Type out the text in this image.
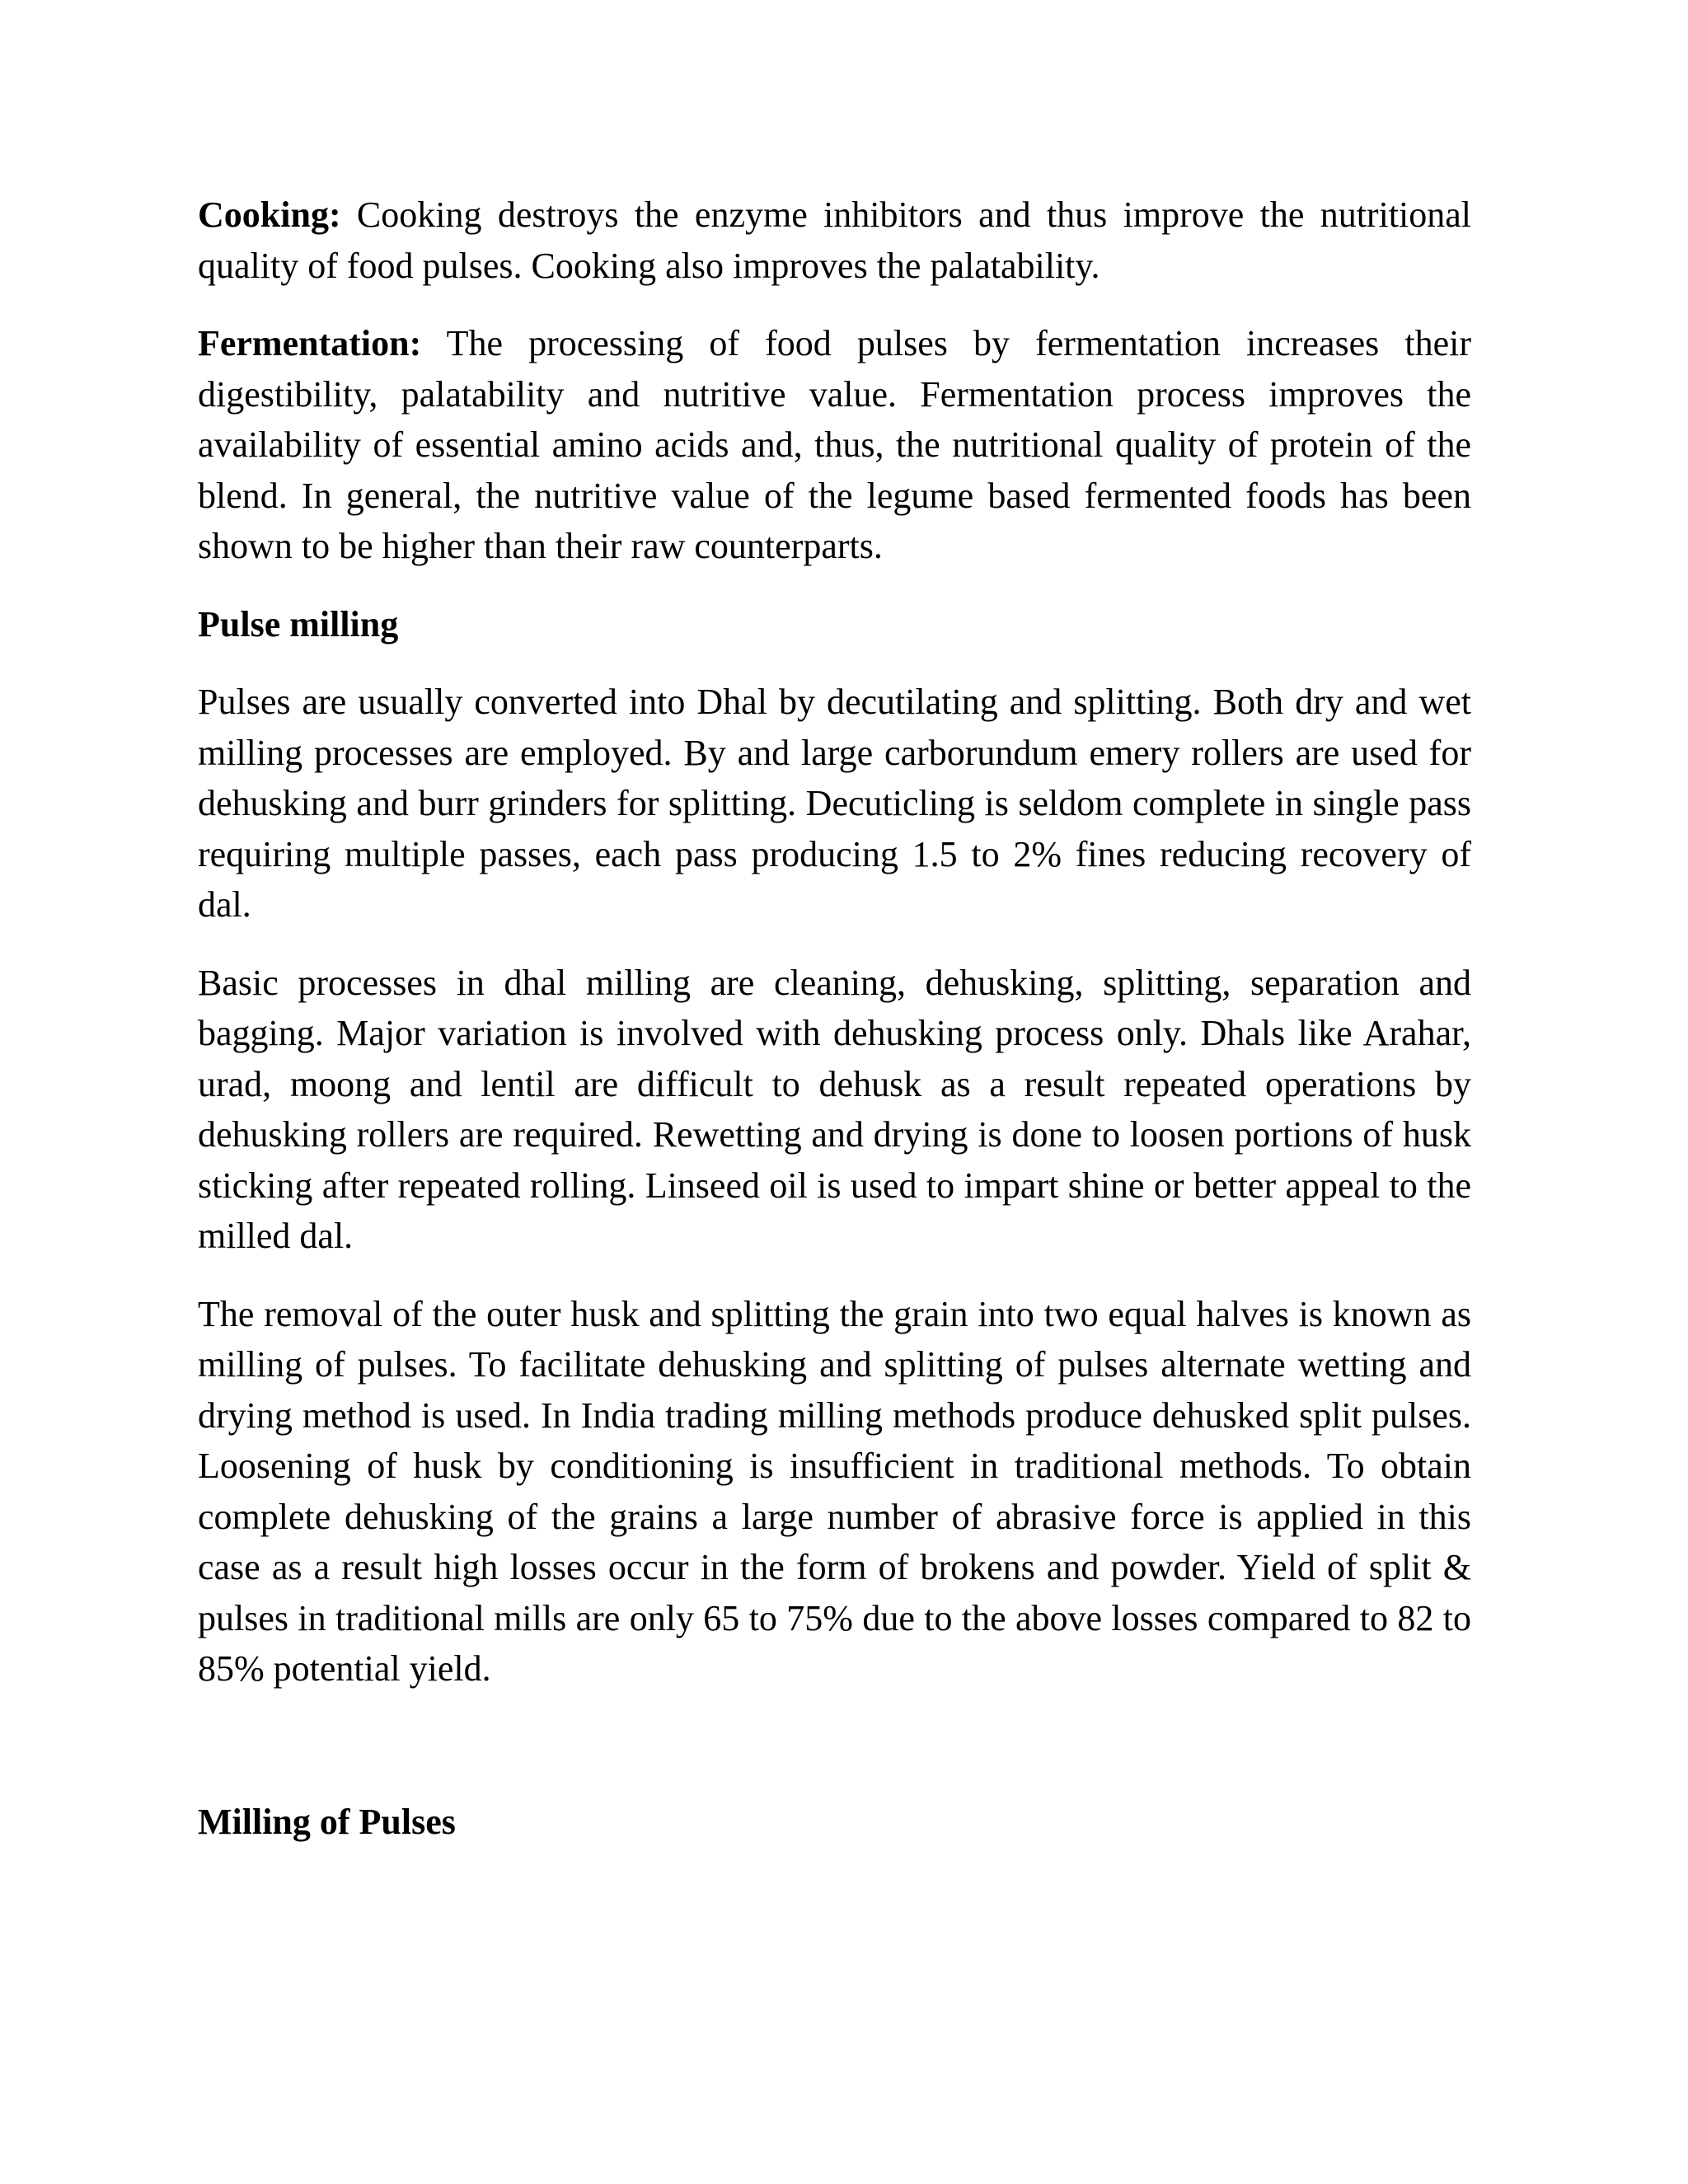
Cooking: Cooking destroys the enzyme inhibitors and thus improve the nutritional quality of food pulses. Cooking also improves the palatability.

Fermentation: The processing of food pulses by fermentation increases their digestibility, palatability and nutritive value. Fermentation process improves the availability of essential amino acids and, thus, the nutritional quality of protein of the blend. In general, the nutritive value of the legume based fermented foods has been shown to be higher than their raw counterparts.

Pulse milling

Pulses are usually converted into Dhal by decutilating and splitting. Both dry and wet milling processes are employed. By and large carborundum emery rollers are used for dehusking and burr grinders for splitting. Decuticling is seldom complete in single pass requiring multiple passes, each pass producing 1.5 to 2% fines reducing recovery of dal.

Basic processes in dhal milling are cleaning, dehusking, splitting, separation and bagging. Major variation is involved with dehusking process only. Dhals like Arahar, urad, moong and lentil are difficult to dehusk as a result repeated operations by dehusking rollers are required. Rewetting and drying is done to loosen portions of husk sticking after repeated rolling. Linseed oil is used to impart shine or better appeal to the milled dal.

The removal of the outer husk and splitting the grain into two equal halves is known as milling of pulses. To facilitate dehusking and splitting of pulses alternate wetting and drying method is used. In India trading milling methods produce dehusked split pulses. Loosening of husk by conditioning is insufficient in traditional methods. To obtain complete dehusking of the grains a large number of abrasive force is applied in this case as a result high losses occur in the form of brokens and powder. Yield of split & pulses in traditional mills are only 65 to 75% due to the above losses compared to 82 to 85% potential yield.

Milling of Pulses
